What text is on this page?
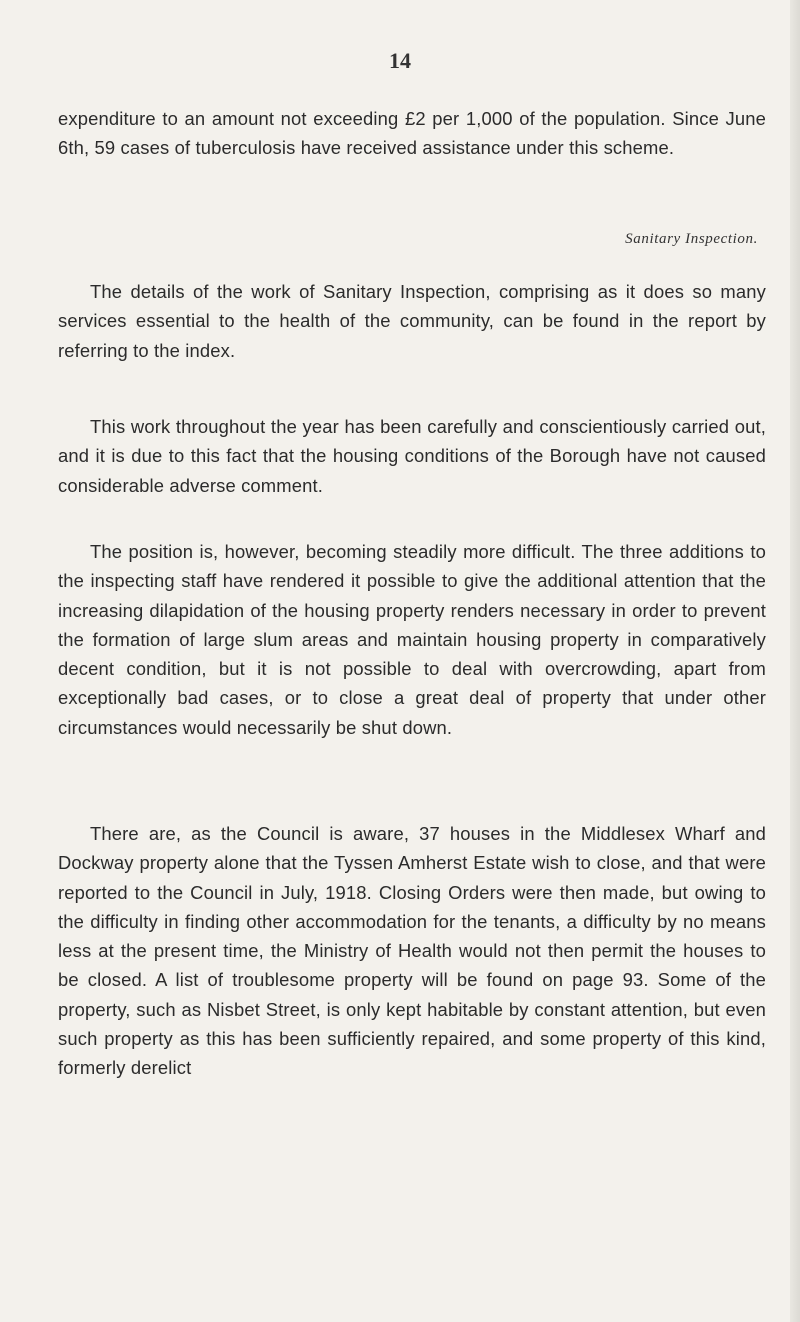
14

expenditure to an amount not exceeding £2 per 1,000 of the population. Since June 6th, 59 cases of tuberculosis have received assistance under this scheme.

Sanitary Inspection.

The details of the work of Sanitary Inspection, comprising as it does so many services essential to the health of the community, can be found in the report by referring to the index.

This work throughout the year has been carefully and conscientiously carried out, and it is due to this fact that the housing conditions of the Borough have not caused considerable adverse comment.

The position is, however, becoming steadily more difficult. The three additions to the inspecting staff have rendered it possible to give the additional attention that the increasing dilapidation of the housing property renders necessary in order to prevent the formation of large slum areas and maintain housing property in comparatively decent condition, but it is not possible to deal with overcrowding, apart from exceptionally bad cases, or to close a great deal of property that under other circumstances would necessarily be shut down.

There are, as the Council is aware, 37 houses in the Middlesex Wharf and Dockway property alone that the Tyssen Amherst Estate wish to close, and that were reported to the Council in July, 1918. Closing Orders were then made, but owing to the difficulty in finding other accommodation for the tenants, a difficulty by no means less at the present time, the Ministry of Health would not then permit the houses to be closed. A list of troublesome property will be found on page 93. Some of the property, such as Nisbet Street, is only kept habitable by constant attention, but even such property as this has been sufficiently repaired, and some property of this kind, formerly derelict
